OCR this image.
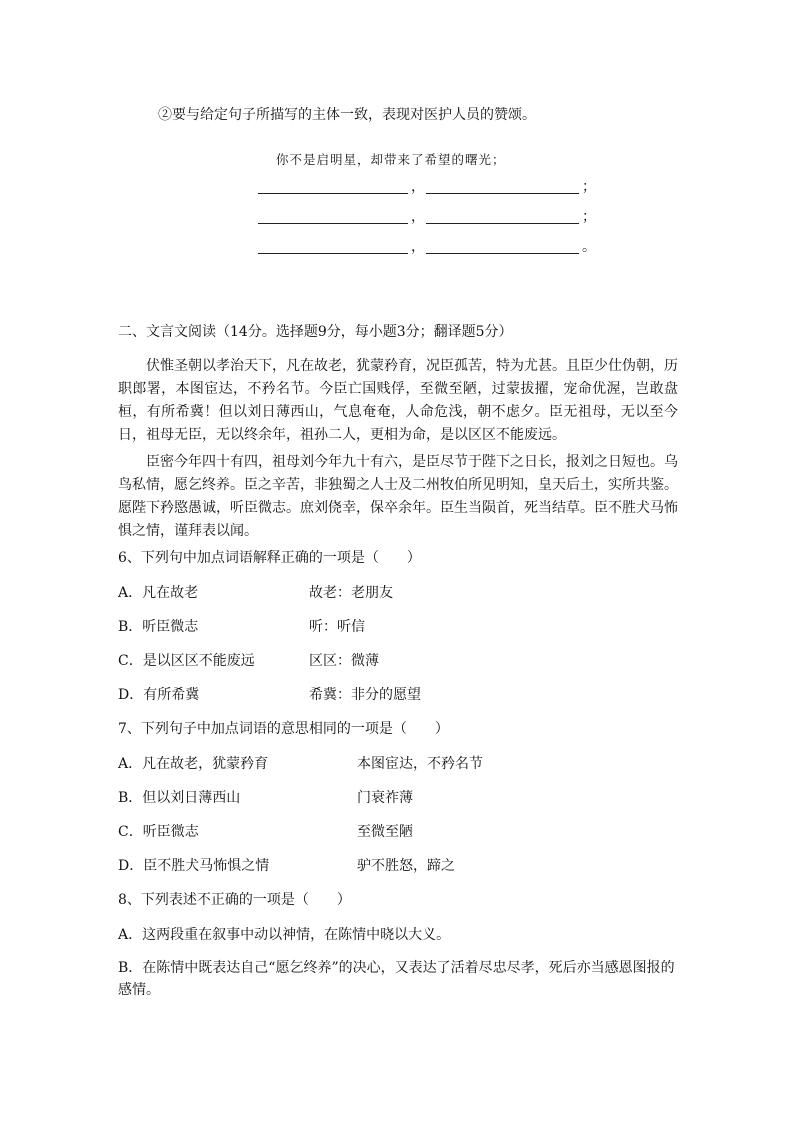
②要与给定句子所描写的主体一致，表现对医护人员的赞颂。
你不是启明星，却带来了希望的曙光；
，	；
，	；
，	。
二、文言文阅读（14分。选择题9分，每小题3分；翻译题5分）
伏惟圣朝以孝治天下，凡在故老，犹蒙矜育，况臣孤苦，特为尤甚。且臣少仕伪朝，历职郎署，本图宦达，不矜名节。今臣亡国贱俘，至微至陋，过蒙拔擢，宠命优渥，岂敢盘桓，有所希冀！但以刘日薄西山，气息奄奄，人命危浅，朝不虑夕。臣无祖母，无以至今日，祖母无臣，无以终余年，祖孙二人，更相为命，是以区区不能废远。
臣密今年四十有四，祖母刘今年九十有六，是臣尽节于陛下之日长，报刘之日短也。乌鸟私情，愿乞终养。臣之辛苦，非独蜀之人士及二州牧伯所见明知，皇天后土，实所共鉴。愿陛下矜愍愚诚，听臣微志。庶刘侥幸，保卒余年。臣生当陨首，死当结草。臣不胜犬马怖惧之情，谨拜表以闻。
6、下列句中加点词语解释正确的一项是（　　）
A．凡在故老	故老：老朋友
B．听臣微志	听：听信
C．是以区区不能废远	区区：微薄
D．有所希冀	希冀：非分的愿望
7、下列句子中加点词语的意思相同的一项是（　　）
A．凡在故老，犹蒙矜育	本图宦达，不矜名节
B．但以刘日薄西山	门衰祚薄
C．听臣微志	至微至陋
D．臣不胜犬马怖惧之情	驴不胜怒，蹄之
8、下列表述不正确的一项是（　　）
A．这两段重在叙事中动以神情，在陈情中晓以大义。
B．在陈情中既表达自己“愿乞终养”的决心，又表达了活着尽忠尽孝，死后亦当感恩图报的感情。
